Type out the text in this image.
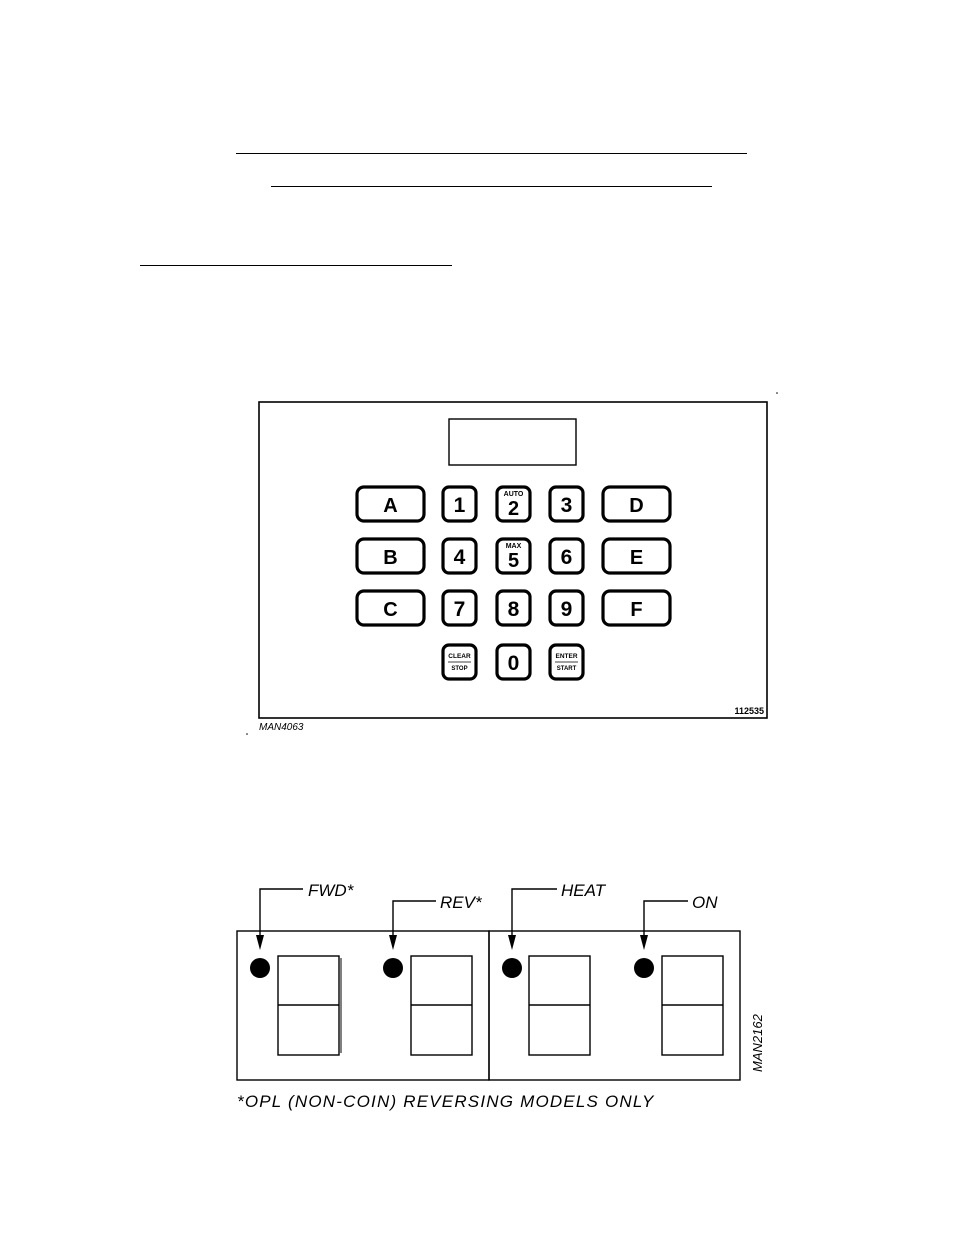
A
B
C
D
E
F
1	AUTO
2 3
4	MAX
5 6
7 8 9
CLEAR
STOP 0	ENTER
START
112535
MAN4063
FWD*
REV*
HEAT
ON
MAN2162
*OPL (NON-COIN) REVERSING MODELS ONLY
